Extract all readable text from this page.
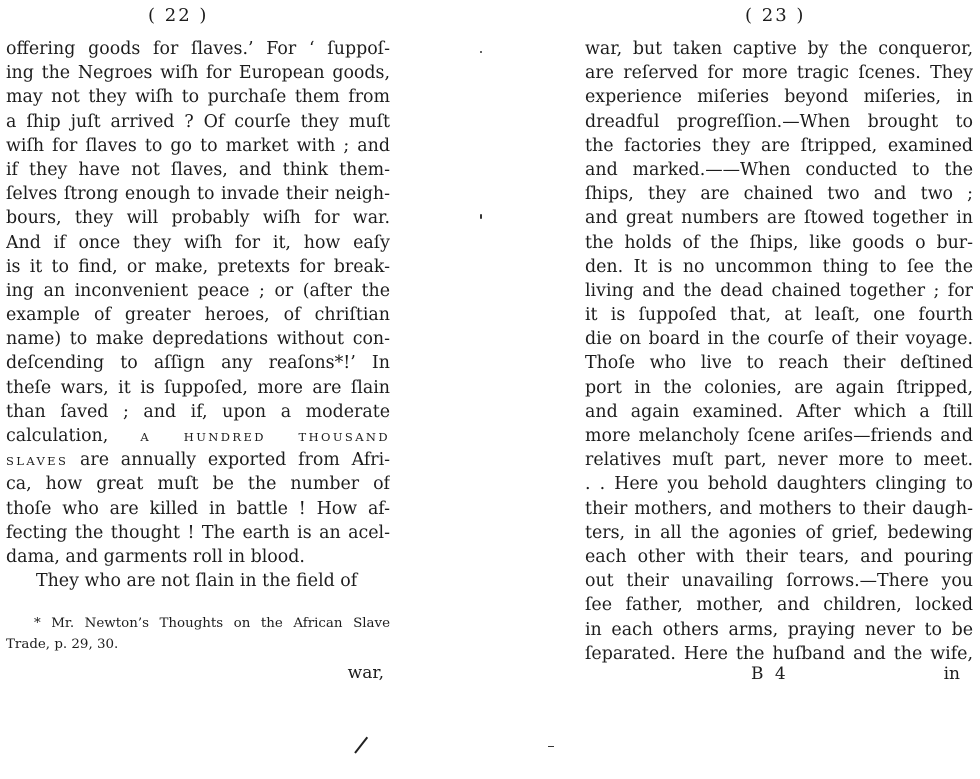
( 22 )
offering goods for ſlaves.’ For ‘ ſuppoſ-
ing the Negroes wiſh for European goods,
may not they wiſh to purchaſe them from
a ſhip juſt arrived ? Of courſe they muſt
wiſh for ſlaves to go to market with ; and
if they have not ſlaves, and think them-
ſelves ſtrong enough to invade their neigh-
bours, they will probably wiſh for war.
And if once they wiſh for it, how eaſy
is it to find, or make, pretexts for break-
ing an inconvenient peace ; or (after the
example of greater heroes, of chriſtian
name) to make depredations without con-
deſcending to aſſign any reaſons*!’ In
theſe wars, it is ſuppoſed, more are ſlain
than ſaved ; and if, upon a moderate
calculation,	A HUNDRED THOUSAND
SLAVES are annually exported from Afri-
ca, how great muſt be the number of
thoſe who are killed in battle ! How af-
fecting the thought ! The earth is an acel-
dama, and garments roll in blood.
They who are not ſlain in the field of
* Mr. Newton’s Thoughts on the African Slave
Trade, p. 29, 30.
war,
( 23 )
war, but taken captive by the conqueror,
are reſerved for more tragic ſcenes. They
experience miſeries beyond miſeries, in
dreadful progreſſion.—When brought to
the factories they are ſtripped, examined
and marked.——When conducted to the
ſhips, they are chained two and two ;
and great numbers are ſtowed together in
the holds of the ſhips, like goods o bur-
den. It is no uncommon thing to ſee the
living and the dead chained together ; for
it is ſuppoſed that, at leaſt, one fourth
die on board in the courſe of their voyage.
Thoſe who live to reach their deſtined
port in the colonies, are again ſtripped,
and again examined. After which a ſtill
more melancholy ſcene ariſes—friends and
relatives muſt part, never more to meet.
. . Here you behold daughters clinging to
their mothers, and mothers to their daugh-
ters, in all the agonies of grief, bedewing
each other with their tears, and pouring
out their unavailing ſorrows.—There you
ſee father, mother, and children, locked
in each others arms, praying never to be
ſeparated. Here the huſband and the wife,
B 4	in
